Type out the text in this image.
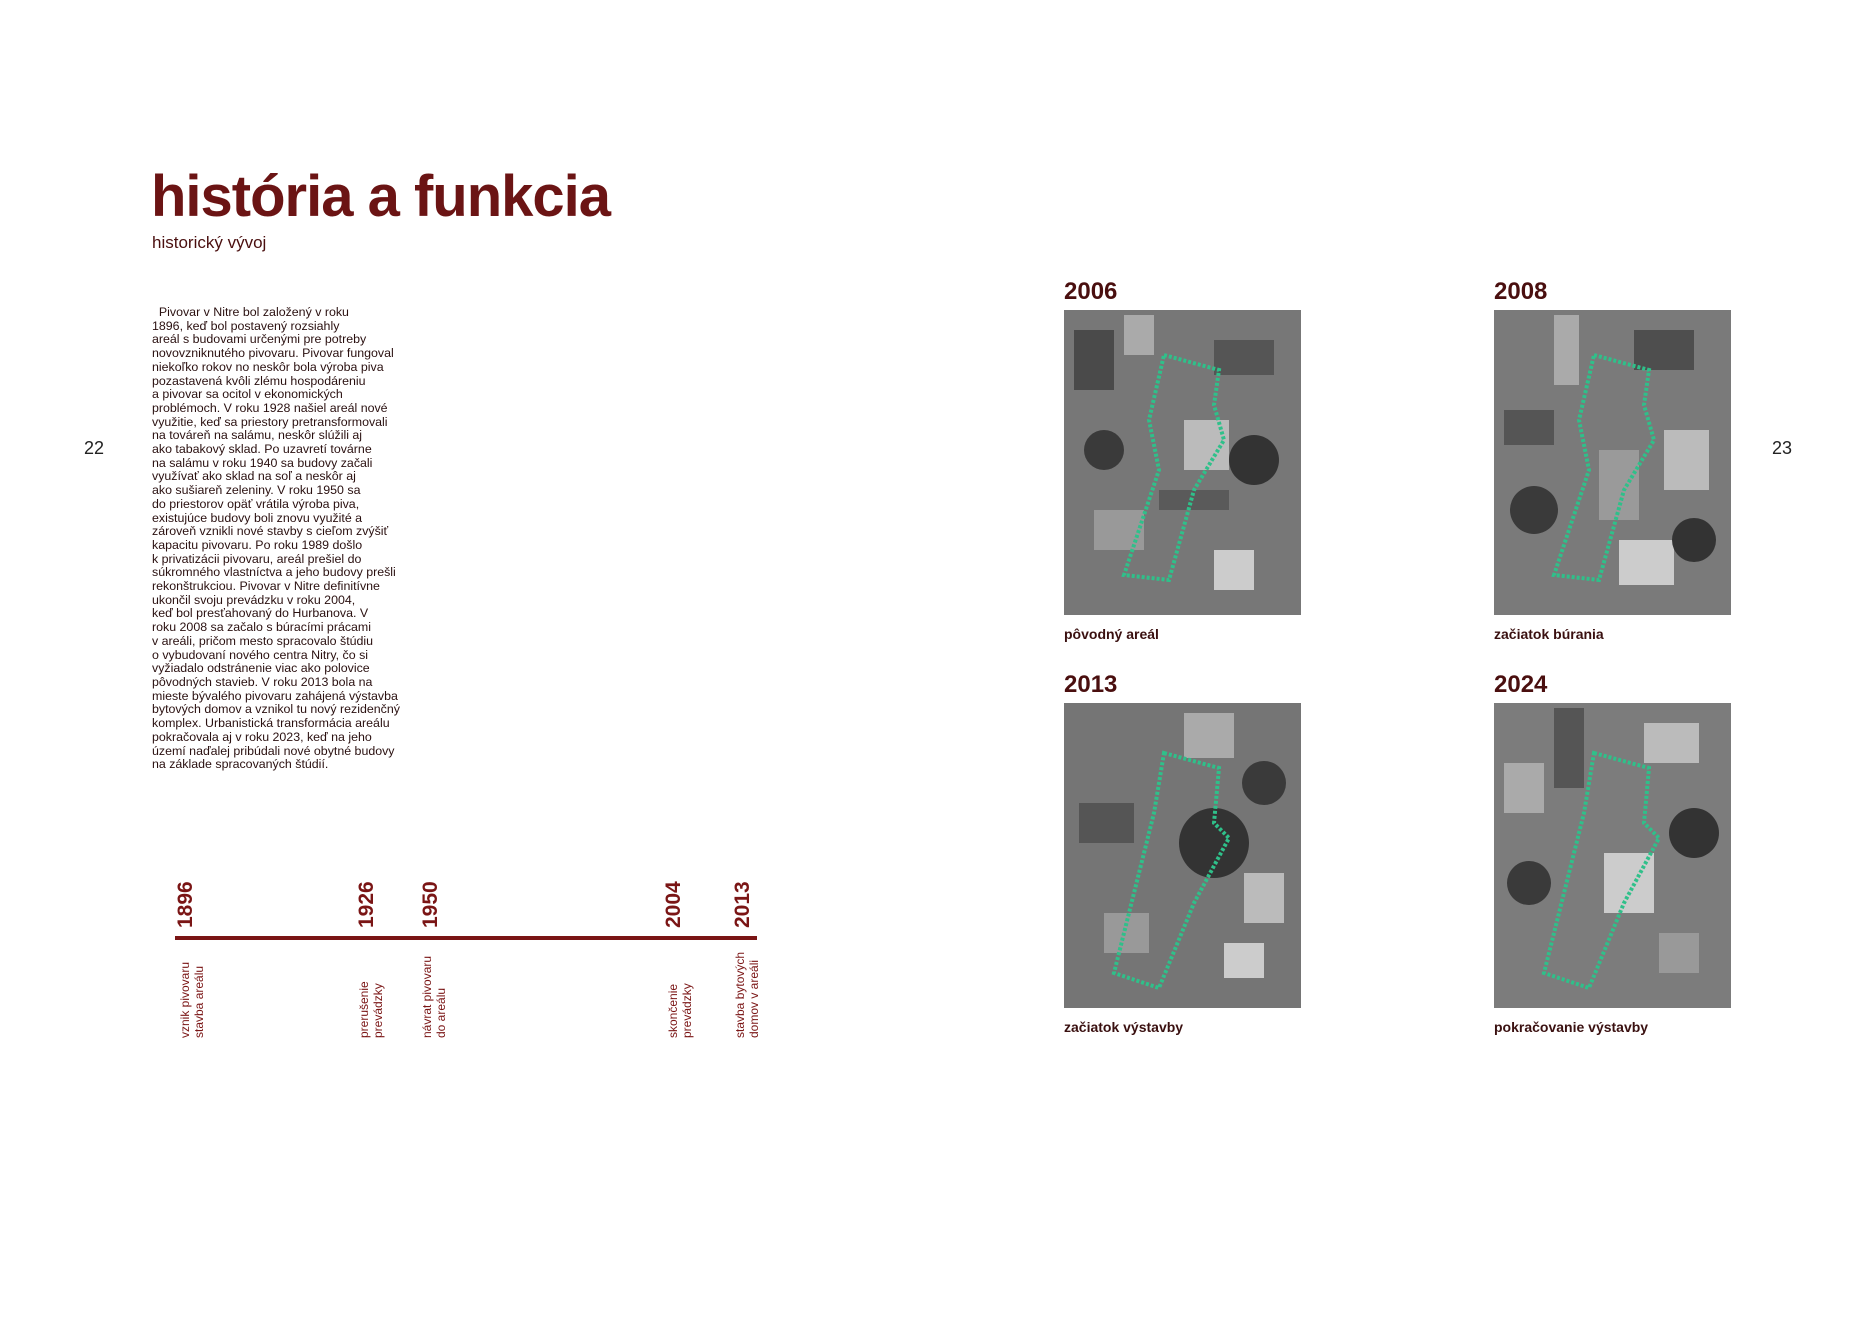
22	23
história a funkcia
historický vývoj
Pivovar v Nitre bol založený v roku
1896, keď bol postavený rozsiahly
areál s budovami určenými pre potreby
novovzniknutého pivovaru. Pivovar fungoval
niekoľko rokov no neskôr bola výroba piva
pozastavená kvôli zlému hospodáreniu
a pivovar sa ocitol v ekonomických
problémoch. V roku 1928 našiel areál nové
využitie, keď sa priestory pretransformovali
na továreň na salámu, neskôr slúžili aj
ako tabakový sklad. Po uzavretí továrne
na salámu v roku 1940 sa budovy začali
využívať ako sklad na soľ a neskôr aj
ako sušiareň zeleniny. V roku 1950 sa
do priestorov opäť vrátila výroba piva,
existujúce budovy boli znovu využité a
zároveň vznikli nové stavby s cieľom zvýšiť
kapacitu pivovaru. Po roku 1989 došlo
k privatizácii pivovaru, areál prešiel do
súkromného vlastníctva a jeho budovy prešli
rekonštrukciou. Pivovar v Nitre definitívne
ukončil svoju prevádzku v roku 2004,
keď bol presťahovaný do Hurbanova. V
roku 2008 sa začalo s búracími prácami
v areáli, pričom mesto spracovalo štúdiu
o vybudovaní nového centra Nitry, čo si
vyžiadalo odstránenie viac ako polovice
pôvodných stavieb. V roku 2013 bola na
mieste bývalého pivovaru zahájená výstavba
bytových domov a vznikol tu nový rezidenčný
komplex. Urbanistická transformácia areálu
pokračovala aj v roku 2023, keď na jeho
území naďalej pribúdali nové obytné budovy
na základe spracovaných štúdií.
1896	1926 1950	2004 2013
vznik pivovaru stavba areálu	prerušenie prevádzky	návrat pivovaru do areálu	skončenie prevádzky	stavba bytových domov v areáli
2006
pôvodný areál
2008
začiatok búrania
2013
začiatok výstavby
2024
pokračovanie výstavby
